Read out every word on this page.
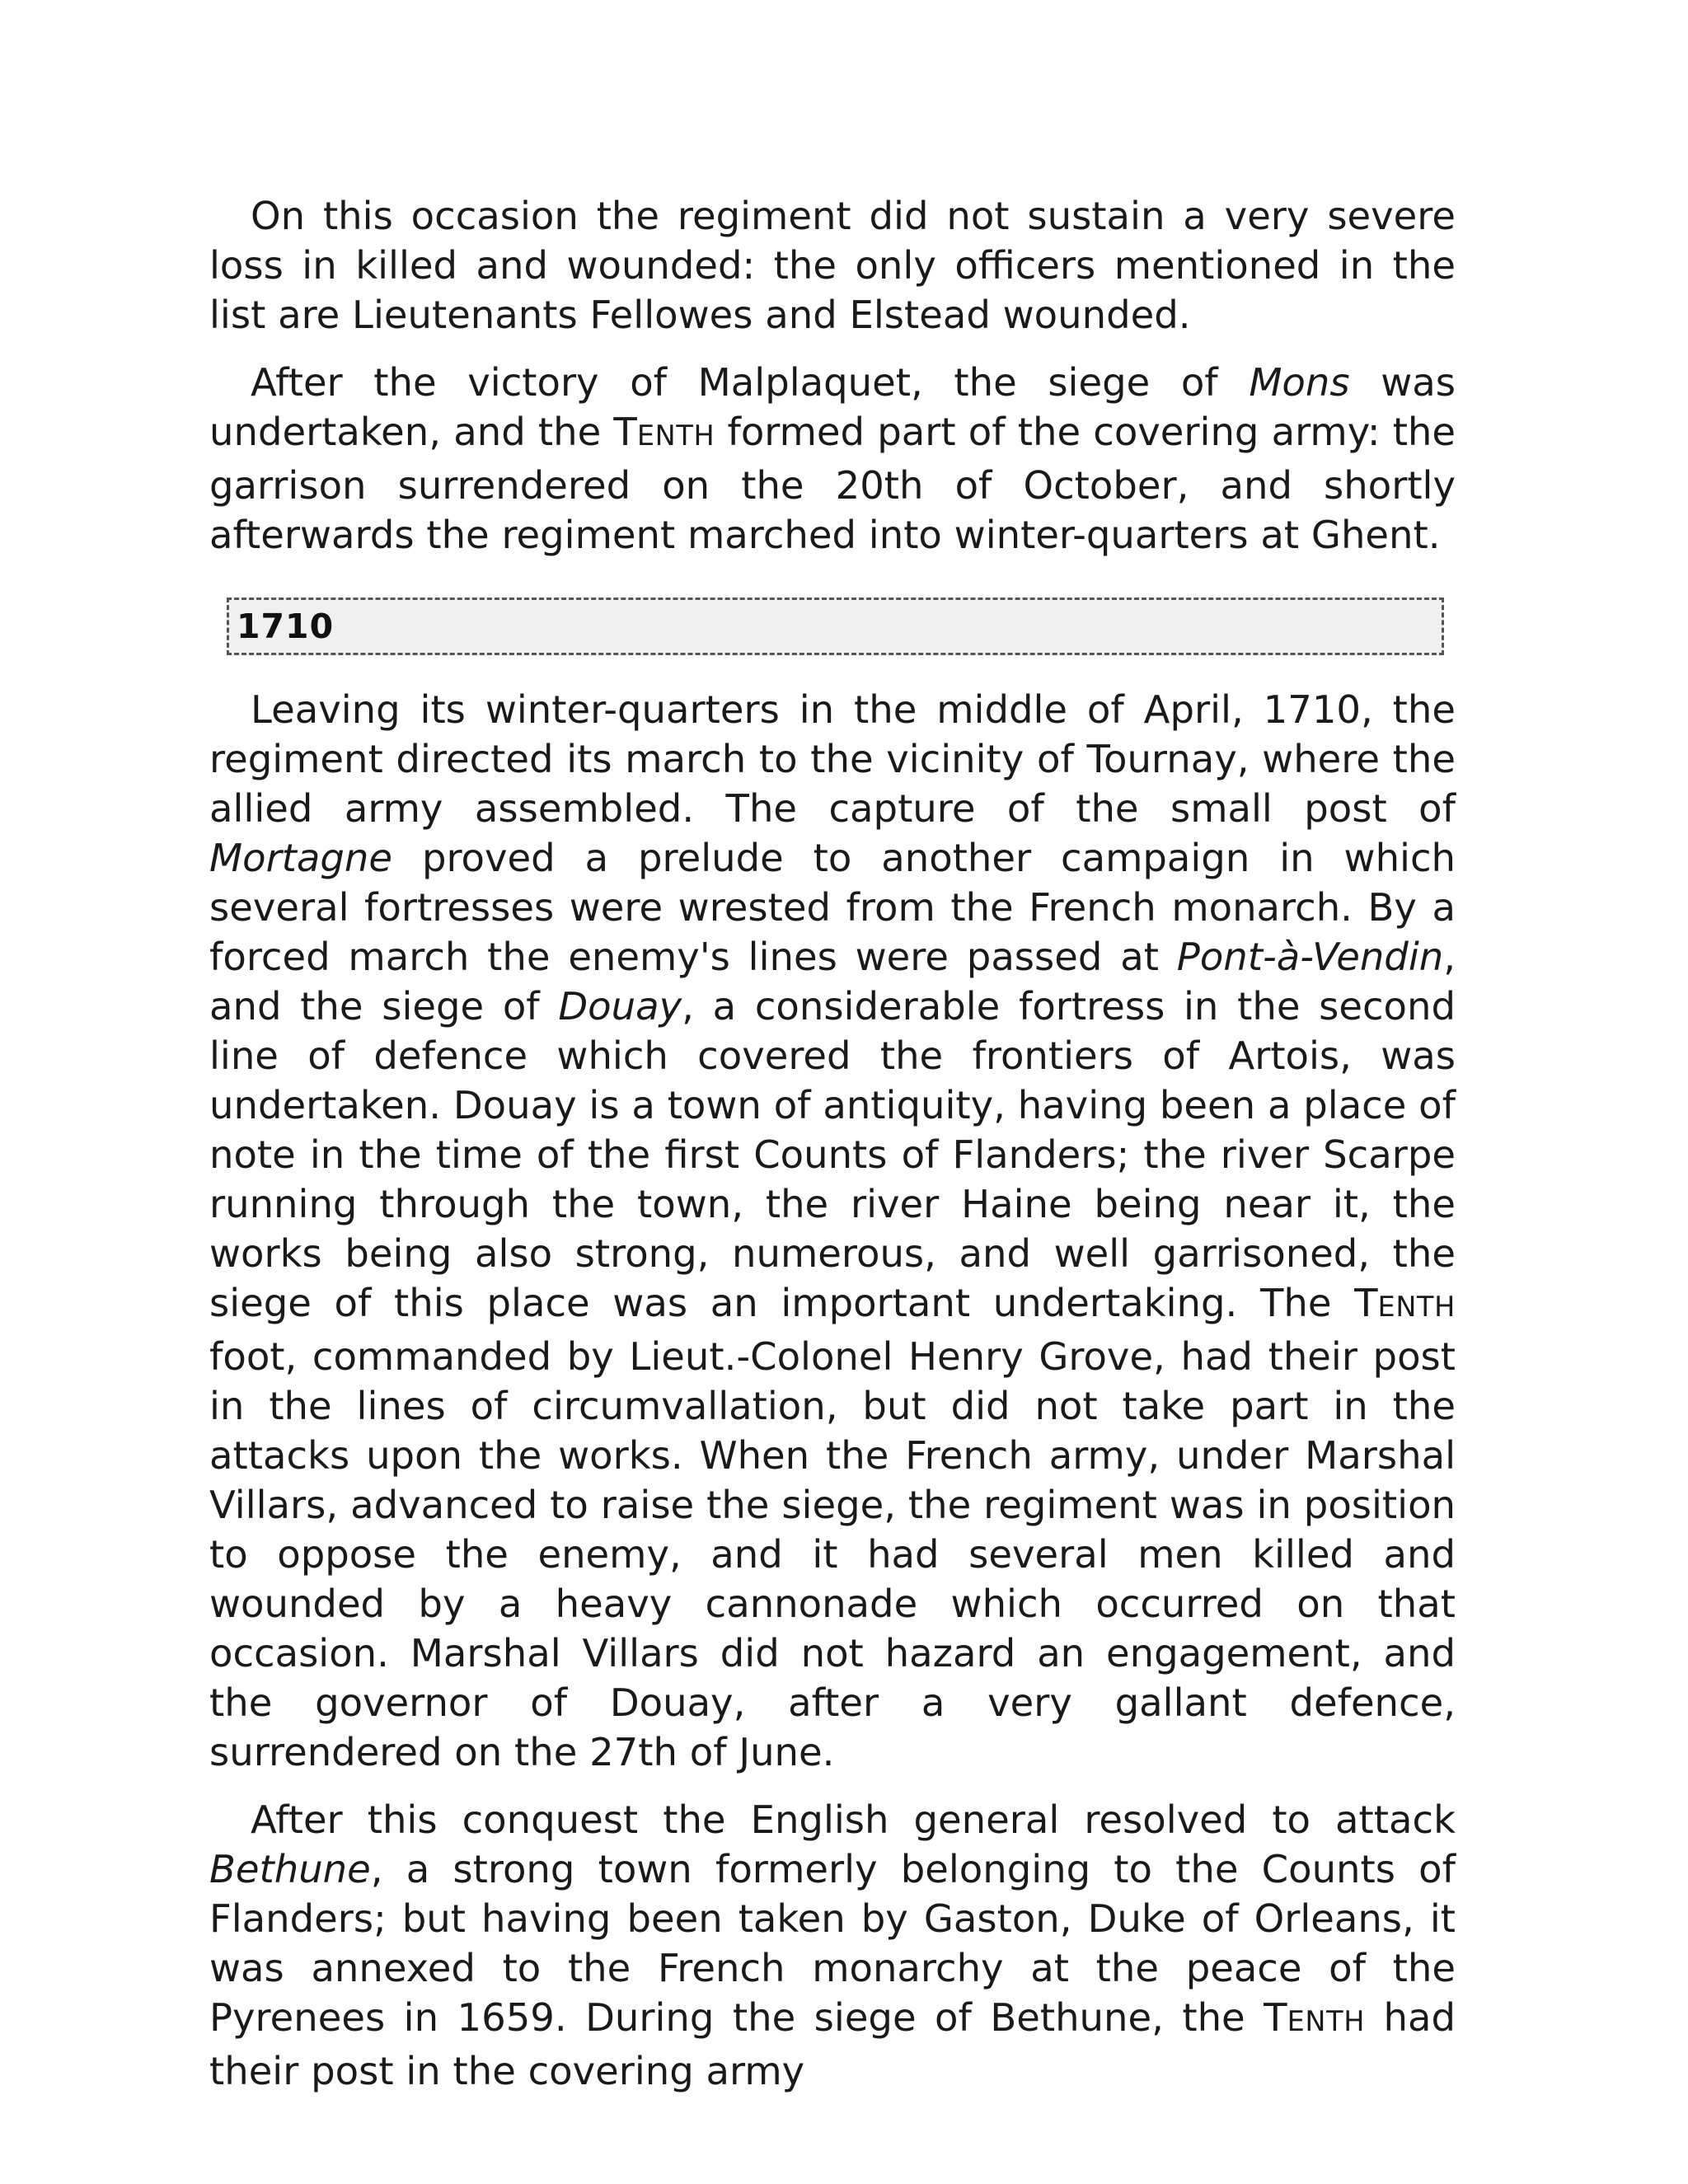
On this occasion the regiment did not sustain a very severe loss in killed and wounded: the only officers mentioned in the list are Lieutenants Fellowes and Elstead wounded.

After the victory of Malplaquet, the siege of Mons was undertaken, and the TENTH formed part of the covering army: the garrison surrendered on the 20th of October, and shortly afterwards the regiment marched into winter-quarters at Ghent.

1710

Leaving its winter-quarters in the middle of April, 1710, the regiment directed its march to the vicinity of Tournay, where the allied army assembled. The capture of the small post of Mortagne proved a prelude to another campaign in which several fortresses were wrested from the French monarch. By a forced march the enemy's lines were passed at Pont-à-Vendin, and the siege of Douay, a considerable fortress in the second line of defence which covered the frontiers of Artois, was undertaken. Douay is a town of antiquity, having been a place of note in the time of the first Counts of Flanders; the river Scarpe running through the town, the river Haine being near it, the works being also strong, numerous, and well garrisoned, the siege of this place was an important undertaking. The TENTH foot, commanded by Lieut.-Colonel Henry Grove, had their post in the lines of circumvallation, but did not take part in the attacks upon the works. When the French army, under Marshal Villars, advanced to raise the siege, the regiment was in position to oppose the enemy, and it had several men killed and wounded by a heavy cannonade which occurred on that occasion. Marshal Villars did not hazard an engagement, and the governor of Douay, after a very gallant defence, surrendered on the 27th of June.

After this conquest the English general resolved to attack Bethune, a strong town formerly belonging to the Counts of Flanders; but having been taken by Gaston, Duke of Orleans, it was annexed to the French monarchy at the peace of the Pyrenees in 1659. During the siege of Bethune, the TENTH had their post in the covering army
